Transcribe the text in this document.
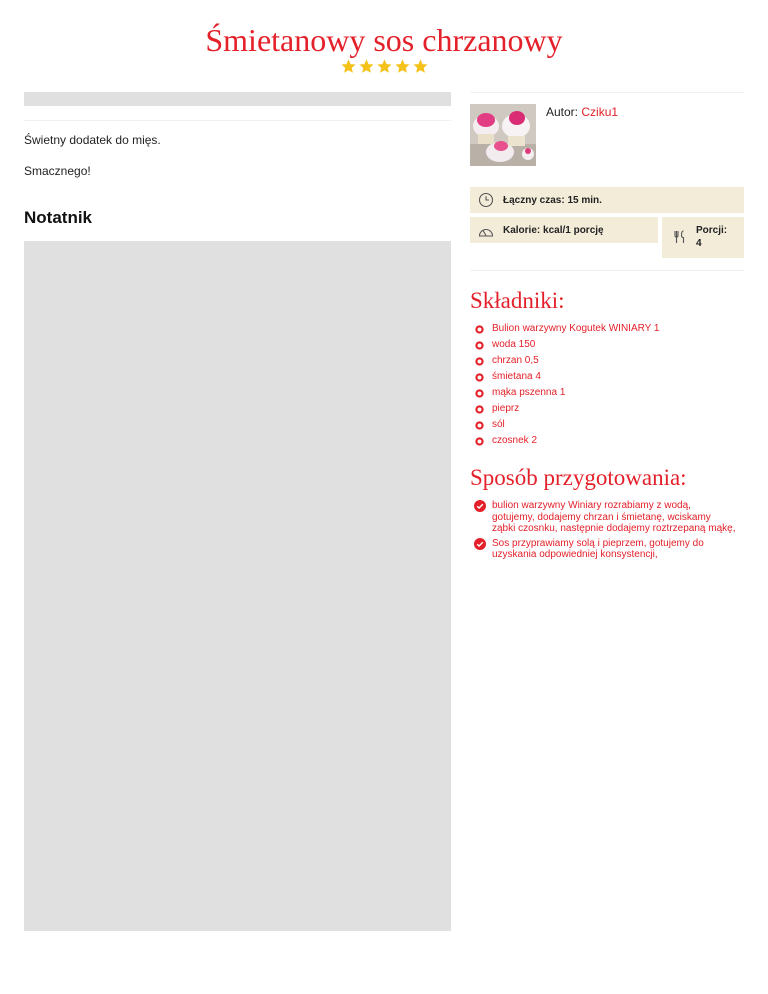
Śmietanowy sos chrzanowy
Świetny dodatek do mięs.
Smacznego!
Notatnik
Autor: Cziku1
Łączny czas: 15 min.
Kalorie: kcal/1 porcję	Porcji:
4
Składniki:
Bulion warzywny Kogutek WINIARY 1
woda 150
chrzan 0,5
śmietana 4
mąka pszenna 1
pieprz
sól
czosnek 2
Sposób przygotowania:
bulion warzywny Winiary rozrabiamy z wodą, gotujemy, dodajemy chrzan i śmietanę, wciskamy ząbki czosnku, następnie dodajemy roztrzepaną mąkę,
Sos przyprawiamy solą i pieprzem, gotujemy do uzyskania odpowiedniej konsystencji,
